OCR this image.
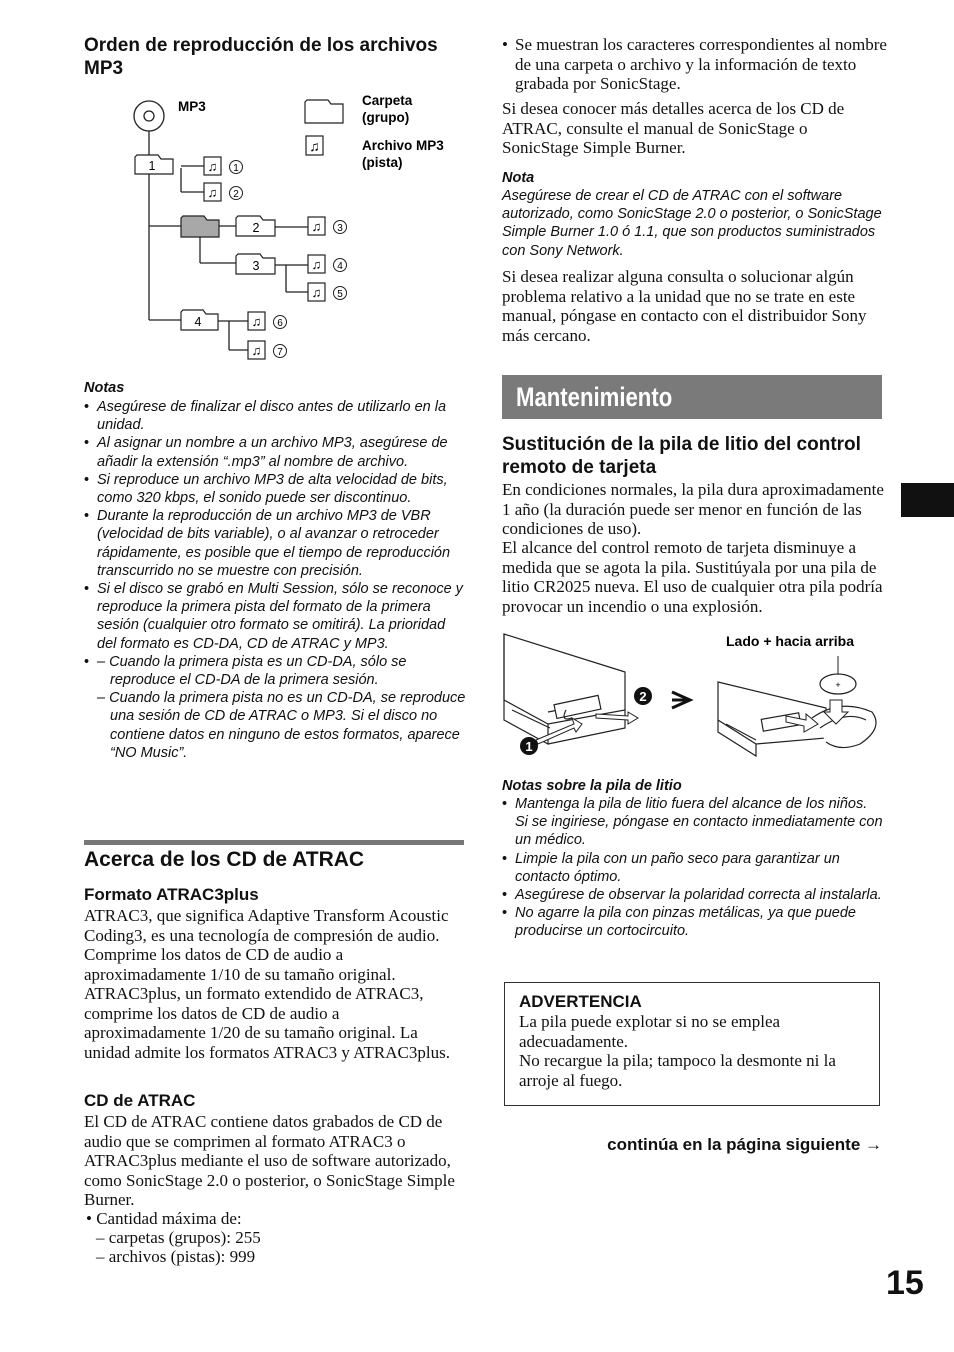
Orden de reproducción de los archivos MP3
MP3
1
2
3
4
♫ 1
♫ 2
♫ 3
♫ 4
♫ 5
♫ 6
♫ 7
Carpeta
(grupo)
♫	Archivo MP3
(pista)
Notas
• Asegúrese de finalizar el disco antes de utilizarlo en la unidad.
• Al asignar un nombre a un archivo MP3, asegúrese de añadir la extensión “.mp3” al nombre de archivo.
• Si reproduce un archivo MP3 de alta velocidad de bits, como 320 kbps, el sonido puede ser discontinuo.
• Durante la reproducción de un archivo MP3 de VBR (velocidad de bits variable), o al avanzar o retroceder rápidamente, es posible que el tiempo de reproducción transcurrido no se muestre con precisión.
• Si el disco se grabó en Multi Session, sólo se reconoce y reproduce la primera pista del formato de la primera sesión (cualquier otro formato se omitirá). La prioridad del formato es CD-DA, CD de ATRAC y MP3.
• – Cuando la primera pista es un CD-DA, sólo se reproduce el CD-DA de la primera sesión.
– Cuando la primera pista no es un CD-DA, se reproduce una sesión de CD de ATRAC o MP3. Si el disco no contiene datos en ninguno de estos formatos, aparece “NO Music”.
Acerca de los CD de ATRAC
Formato ATRAC3plus
ATRAC3, que significa Adaptive Transform Acoustic Coding3, es una tecnología de compresión de audio. Comprime los datos de CD de audio a aproximadamente 1/10 de su tamaño original. ATRAC3plus, un formato extendido de ATRAC3, comprime los datos de CD de audio a aproximadamente 1/20 de su tamaño original. La unidad admite los formatos ATRAC3 y ATRAC3plus.
CD de ATRAC
El CD de ATRAC contiene datos grabados de CD de audio que se comprimen al formato ATRAC3 o ATRAC3plus mediante el uso de software autorizado, como SonicStage 2.0 o posterior, o SonicStage Simple Burner.
• Cantidad máxima de:
– carpetas (grupos): 255
– archivos (pistas): 999
• Se muestran los caracteres correspondientes al nombre de una carpeta o archivo y la información de texto grabada por SonicStage.
Si desea conocer más detalles acerca de los CD de ATRAC, consulte el manual de SonicStage o SonicStage Simple Burner.
Nota
Asegúrese de crear el CD de ATRAC con el software autorizado, como SonicStage 2.0 o posterior, o SonicStage Simple Burner 1.0 ó 1.1, que son productos suministrados con Sony Network.
Si desea realizar alguna consulta o solucionar algún problema relativo a la unidad que no se trate en este manual, póngase en contacto con el distribuidor Sony más cercano.
Mantenimiento
Sustitución de la pila de litio del control remoto de tarjeta
En condiciones normales, la pila dura aproximadamente 1 año (la duración puede ser menor en función de las condiciones de uso).
El alcance del control remoto de tarjeta disminuye a medida que se agota la pila. Sustitúyala por una pila de litio CR2025 nueva. El uso de cualquier otra pila podría provocar un incendio o una explosión.
1
2
+
Lado + hacia arriba
Notas sobre la pila de litio
• Mantenga la pila de litio fuera del alcance de los niños. Si se ingiriese, póngase en contacto inmediatamente con un médico.
• Limpie la pila con un paño seco para garantizar un contacto óptimo.
• Asegúrese de observar la polaridad correcta al instalarla.
• No agarre la pila con pinzas metálicas, ya que puede producirse un cortocircuito.
ADVERTENCIA
La pila puede explotar si no se emplea adecuadamente.
No recargue la pila; tampoco la desmonte ni la arroje al fuego.
continúa en la página siguiente →
15
